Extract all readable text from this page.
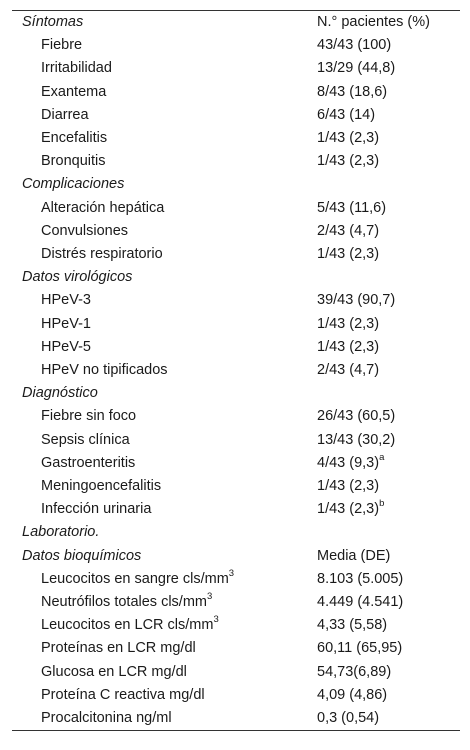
Síntomas	N.° pacientes (%)
Fiebre	43/43 (100)
Irritabilidad	13/29 (44,8)
Exantema	8/43 (18,6)
Diarrea	6/43 (14)
Encefalitis	1/43 (2,3)
Bronquitis	1/43 (2,3)
Complicaciones	
Alteración hepática	5/43 (11,6)
Convulsiones	2/43 (4,7)
Distrés respiratorio	1/43 (2,3)
Datos virológicos	
HPeV-3	39/43 (90,7)
HPeV-1	1/43 (2,3)
HPeV-5	1/43 (2,3)
HPeV no tipificados	2/43 (4,7)
Diagnóstico	
Fiebre sin foco	26/43 (60,5)
Sepsis clínica	13/43 (30,2)
Gastroenteritis	4/43 $(9,3)^a$
Meningoencefalitis	1/43 (2,3)
Infección urinaria	1/43 $(2,3)^b$
Laboratorio.	
Datos bioquímicos	Media (DE)
Leucocitos en sangre cls/$mm^3$	8.103 (5.005)
Neutrófilos totales cls/$mm^3$	4.449 (4.541)
Leucocitos en LCR cls/$mm^3$	4,33 (5,58)
Proteínas en LCR mg/dl	60,11 (65,95)
Glucosa en LCR mg/dl	54,73(6,89)
Proteína C reactiva mg/dl	4,09 (4,86)
Procalcitonina ng/ml	0,3 (0,54)
